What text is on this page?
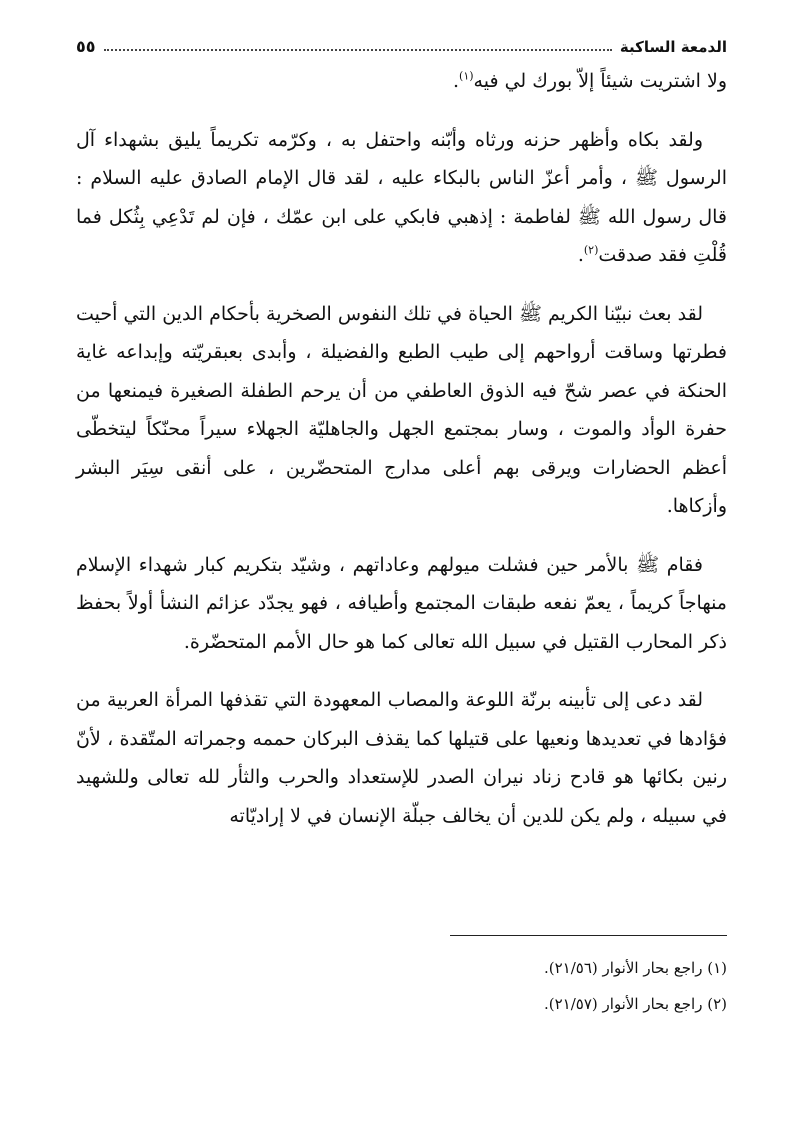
الدمعة الساكبة
٥٥

ولا اشتريت شيئاً إلاّ بورك لي فيه$^{(١)}$.

ولقد بكاه وأظهر حزنه ورثاه وأبّنه واحتفل به ، وكرّمه تكريماً يليق بشهداء آل الرسول ﷺ ، وأمر أعزّ الناس بالبكاء عليه ، لقد قال الإمام الصادق عليه السلام : قال رسول الله ﷺ لفاطمة : إذهبي فابكي على ابن عمّك ، فإن لم تَدْعِي بِثُكل فما قُلْتِ فقد صدقت$^{(٢)}$.

لقد بعث نبيّنا الكريم ﷺ الحياة في تلك النفوس الصخرية بأحكام الدين التي أحيت فطرتها وساقت أرواحهم إلى طيب الطبع والفضيلة ، وأبدى بعبقريّته وإبداعه غاية الحنكة في عصر شحّ فيه الذوق العاطفي من أن يرحم الطفلة الصغيرة فيمنعها من حفرة الوأد والموت ، وسار بمجتمع الجهل والجاهليّة الجهلاء سيراً محنّكاً ليتخطّى أعظم الحضارات ويرقى بهم أعلى مدارج المتحضّرين ، على أنقى سِيَر البشر وأزكاها.

فقام ﷺ بالأمر حين فشلت ميولهم وعاداتهم ، وشيّد بتكريم كبار شهداء الإسلام منهاجاً كريماً ، يعمّ نفعه طبقات المجتمع وأطيافه ، فهو يجدّد عزائم النشأ أولاً بحفظ ذكر المحارب القتيل في سبيل الله تعالى كما هو حال الأمم المتحضّرة.

لقد دعى إلى تأبينه برنّة اللوعة والمصاب المعهودة التي تقذفها المرأة العربية من فؤادها في تعديدها ونعيها على قتيلها كما يقذف البركان حممه وجمراته المتّقدة ، لأنّ رنين بكائها هو قادح زناد نيران الصدر للإستعداد والحرب والثأر لله تعالى وللشهيد في سبيله ، ولم يكن للدين أن يخالف جبلّة الإنسان في لا إراديّاته

(١) راجع بحار الأنوار (٢١/٥٦).
(٢) راجع بحار الأنوار (٢١/٥٧).
